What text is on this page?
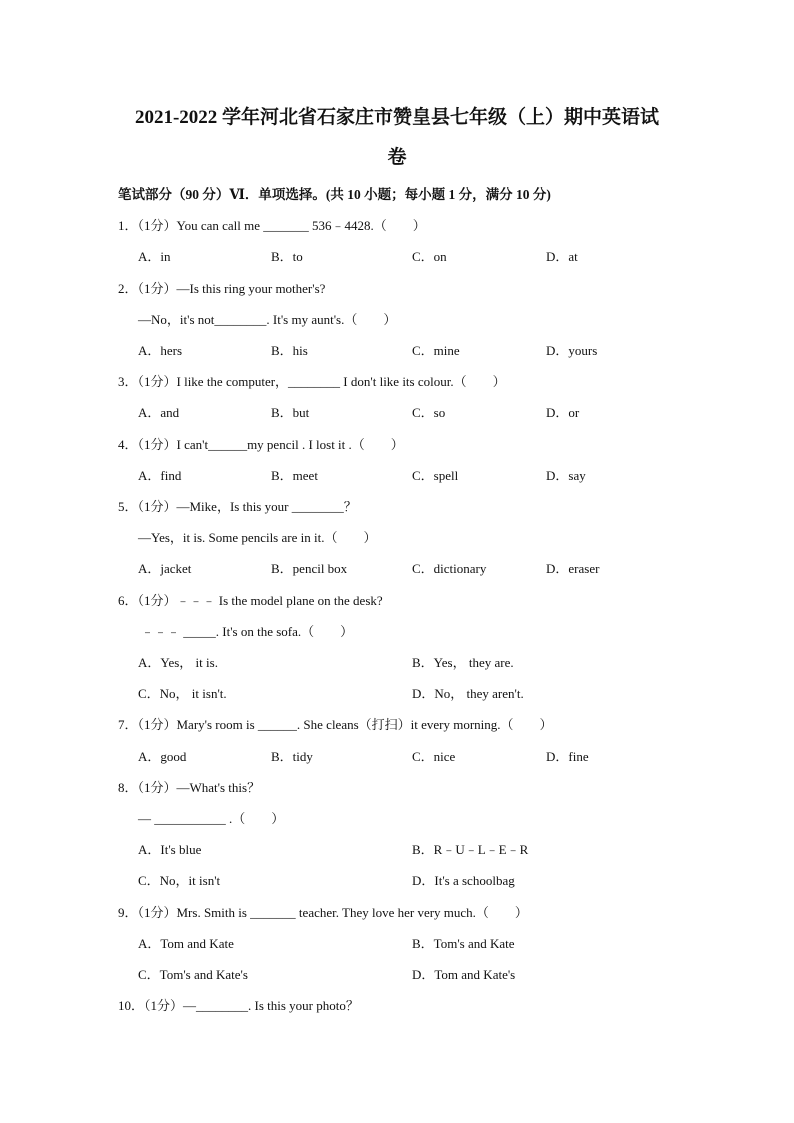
2021-2022 学年河北省石家庄市赞皇县七年级（上）期中英语试
卷
笔试部分（90 分）Ⅵ．单项选择。(共 10 小题；每小题 1 分，满分 10 分)
1．（1分）You can call me _______ 536﹣4428.（　　）
A．in	B．to	C．on	D．at
2．（1分）—Is this ring your mother's?
—No，it's not________. It's my aunt's.（　　）
A．hers	B．his	C．mine	D．yours
3．（1分）I like the computer，________ I don't like its colour.（　　）
A．and	B．but	C．so	D．or
4．（1分）I can't______my pencil . I lost it .（　　）
A．find	B．meet	C．spell	D．say
5．（1分）—Mike，Is this your ________？
—Yes，it is. Some pencils are in it.（　　）
A．jacket	B．pencil box	C．dictionary	D．eraser
6．（1分）﹣﹣﹣ Is the model plane on the desk?
﹣﹣﹣ _____. It's on the sofa.（　　）
A．Yes， it is.	B．Yes， they are.
C．No， it isn't.	D．No， they aren't.
7．（1分）Mary's room is ______. She cleans（打扫）it every morning.（　　）
A．good	B．tidy	C．nice	D．fine
8．（1分）—What's this？
— ___________ .（　　）
A．It's blue	B．R﹣U﹣L﹣E﹣R
C．No，it isn't	D．It's a schoolbag
9．（1分）Mrs. Smith is _______ teacher. They love her very much.（　　）
A．Tom and Kate	B．Tom's and Kate
C．Tom's and Kate's	D．Tom and Kate's
10．（1分）—________. Is this your photo？
